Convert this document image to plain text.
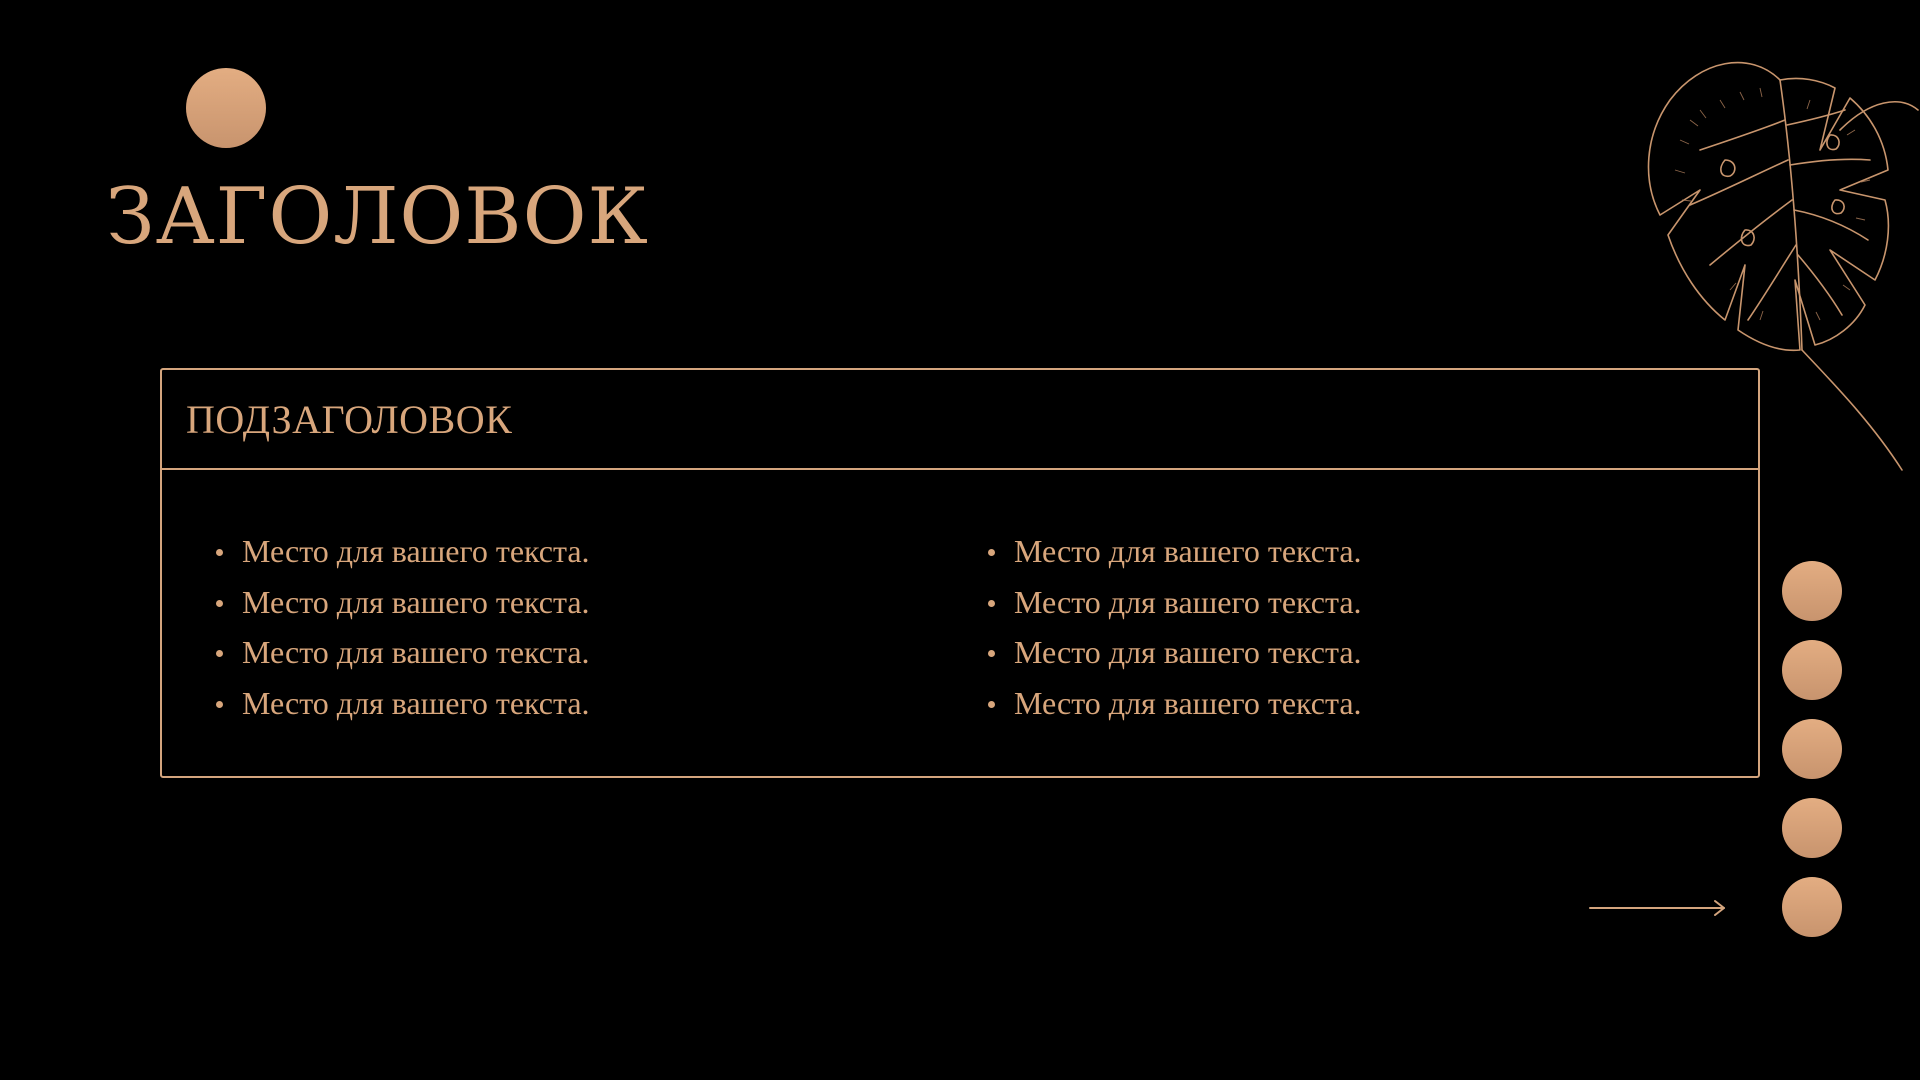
ЗАГОЛОВОК
ПОДЗАГОЛОВОК
Место для вашего текста.
Место для вашего текста.
Место для вашего текста.
Место для вашего текста.
Место для вашего текста.
Место для вашего текста.
Место для вашего текста.
Место для вашего текста.
